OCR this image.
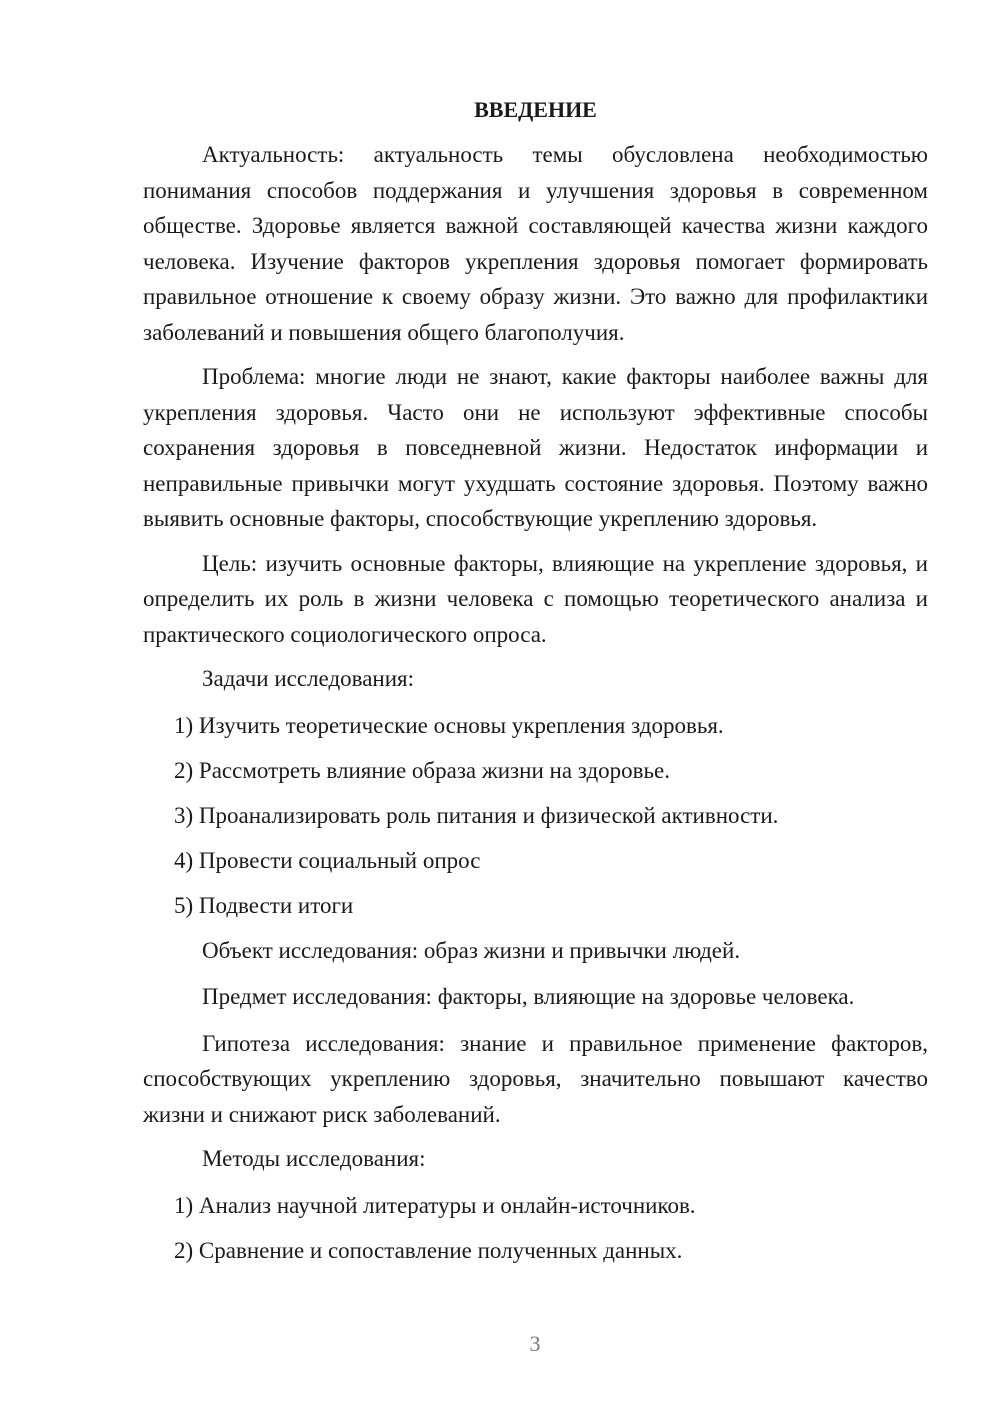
ВВЕДЕНИЕ

Актуальность: актуальность темы обусловлена необходимостью понимания способов поддержания и улучшения здоровья в современном обществе. Здоровье является важной составляющей качества жизни каждого человека. Изучение факторов укрепления здоровья помогает формировать правильное отношение к своему образу жизни. Это важно для профилактики заболеваний и повышения общего благополучия.

Проблема: многие люди не знают, какие факторы наиболее важны для укрепления здоровья. Часто они не используют эффективные способы сохранения здоровья в повседневной жизни. Недостаток информации и неправильные привычки могут ухудшать состояние здоровья. Поэтому важно выявить основные факторы, способствующие укреплению здоровья.

Цель: изучить основные факторы, влияющие на укрепление здоровья, и определить их роль в жизни человека с помощью теоретического анализа и практического социологического опроса.

Задачи исследования:

1) Изучить теоретические основы укрепления здоровья.

2) Рассмотреть влияние образа жизни на здоровье.

3) Проанализировать роль питания и физической активности.

4) Провести социальный опрос

5) Подвести итоги

Объект исследования: образ жизни и привычки людей.

Предмет исследования: факторы, влияющие на здоровье человека.

Гипотеза исследования: знание и правильное применение факторов, способствующих укреплению здоровья, значительно повышают качество жизни и снижают риск заболеваний.

Методы исследования:

1) Анализ научной литературы и онлайн-источников.

2) Сравнение и сопоставление полученных данных.

3
